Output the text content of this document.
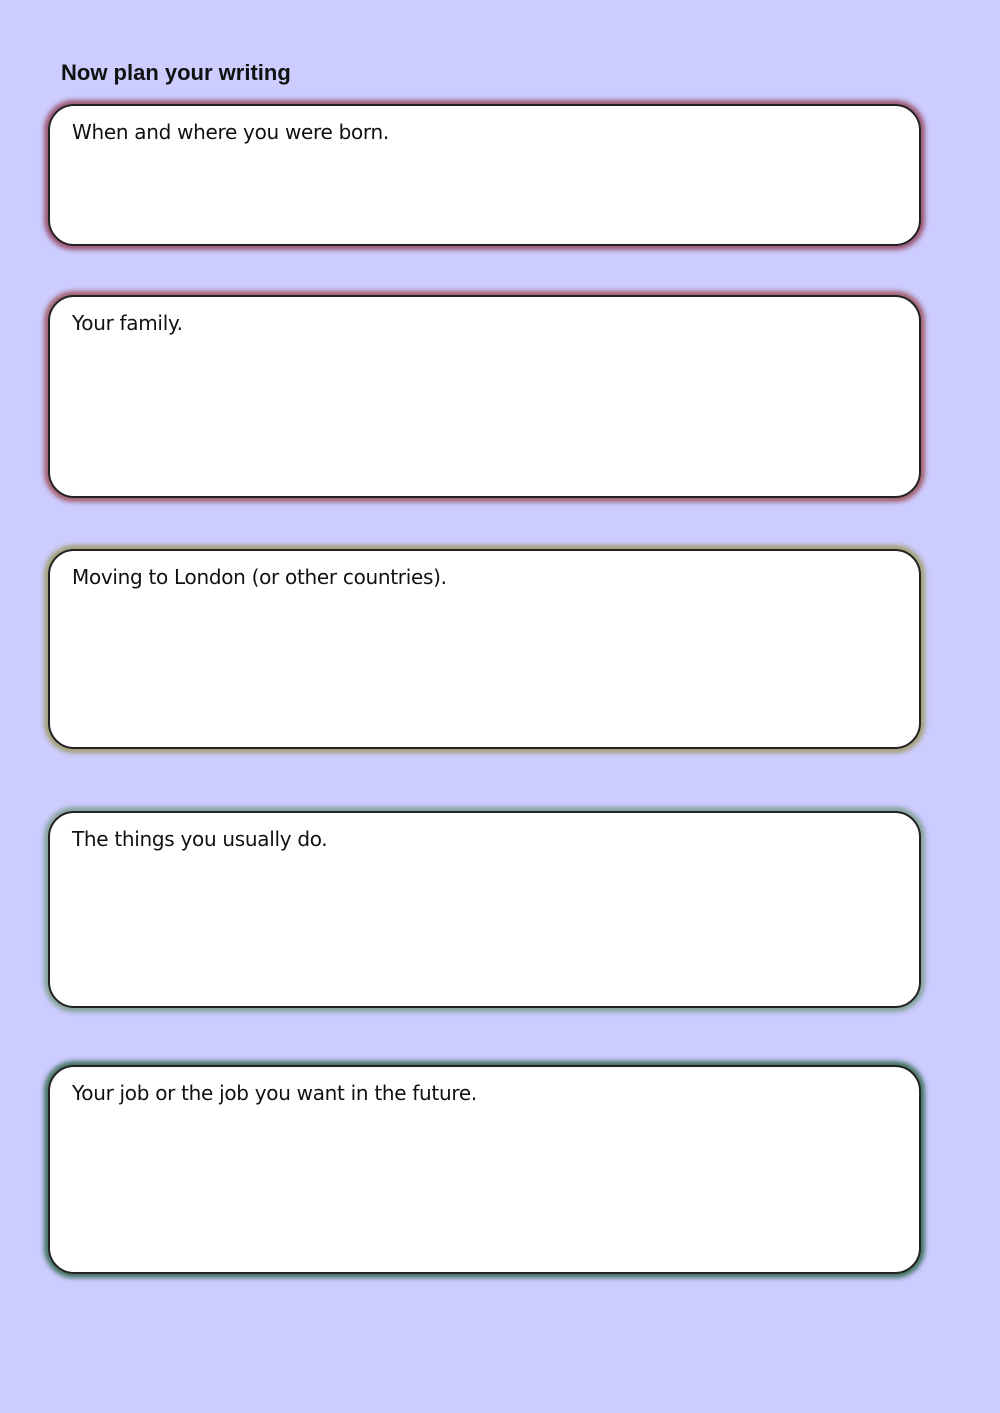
Now plan your writing
When and where you were born.
Your family.
Moving to London (or other countries).
The things you usually do.
Your job or the job you want in the future.
